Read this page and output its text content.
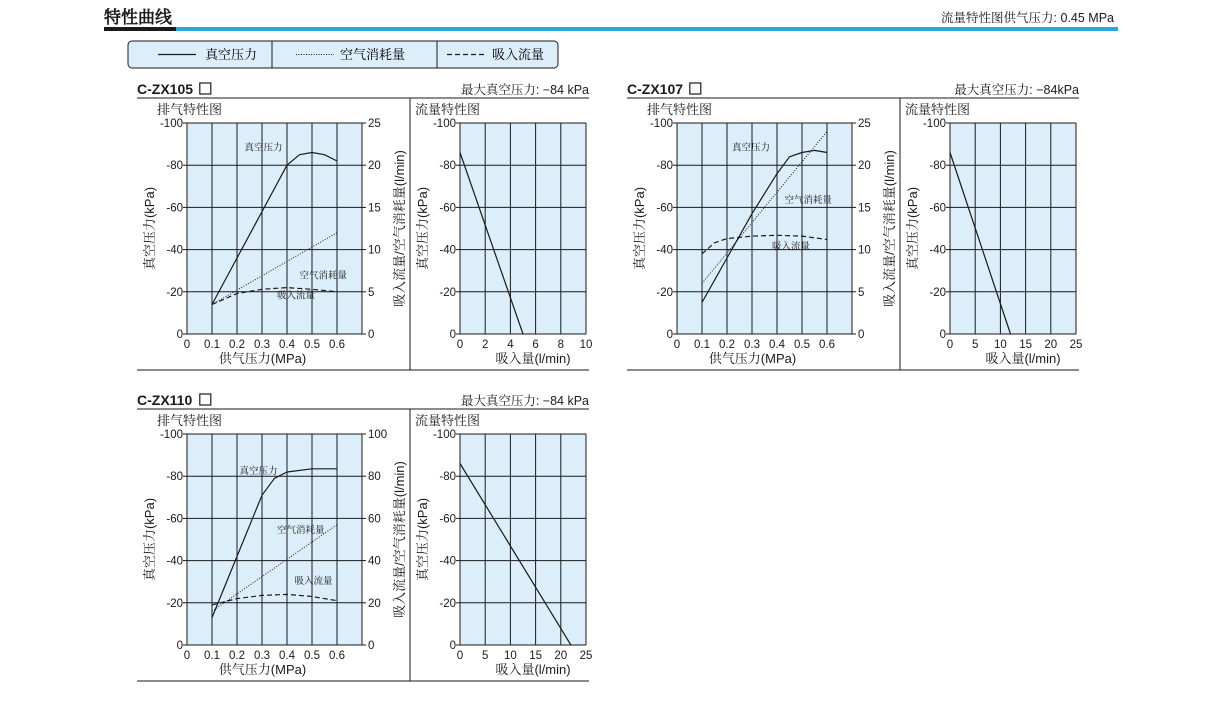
特性曲线	流量特性图供气压力: 0.45 MPa
真空压力	空气消耗量	吸入流量
C-ZX105	最大真空压力: −84 kPa
排气特性图
0 0.1 0.2 0.3 0.4 0.5 0.6
0
-20
-40
-60
-80
-100
0
5
10
15
20
25
供气压力(MPa)
真空压力(kPa)	吸入流量/空气消耗量(l/min)
真空压力
空气消耗量
吸入流量
流量特性图
0 2 4 6 8 10
0
-20
-40
-60
-80
-100
吸入量(l/min)
真空压力(kPa)
C-ZX107	最大真空压力: −84kPa
排气特性图
0 0.1 0.2 0.3 0.4 0.5 0.6
0
-20
-40
-60
-80
-100
0
5
10
15
20
25
供气压力(MPa)
真空压力(kPa)	吸入流量/空气消耗量(l/min)
真空压力
空气消耗量
吸入流量
流量特性图
0 5 10 15 20 25
0
-20
-40
-60
-80
-100
吸入量(l/min)
真空压力(kPa)
C-ZX110	最大真空压力: −84 kPa
排气特性图
0 0.1 0.2 0.3 0.4 0.5 0.6
0
-20
-40
-60
-80
-100
0
20
40
60
80
100
供气压力(MPa)
真空压力(kPa)	吸入流量/空气消耗量(l/min)
真空压力
空气消耗量
吸入流量
流量特性图
0 5 10 15 20 25
0
-20
-40
-60
-80
-100
吸入量(l/min)
真空压力(kPa)
